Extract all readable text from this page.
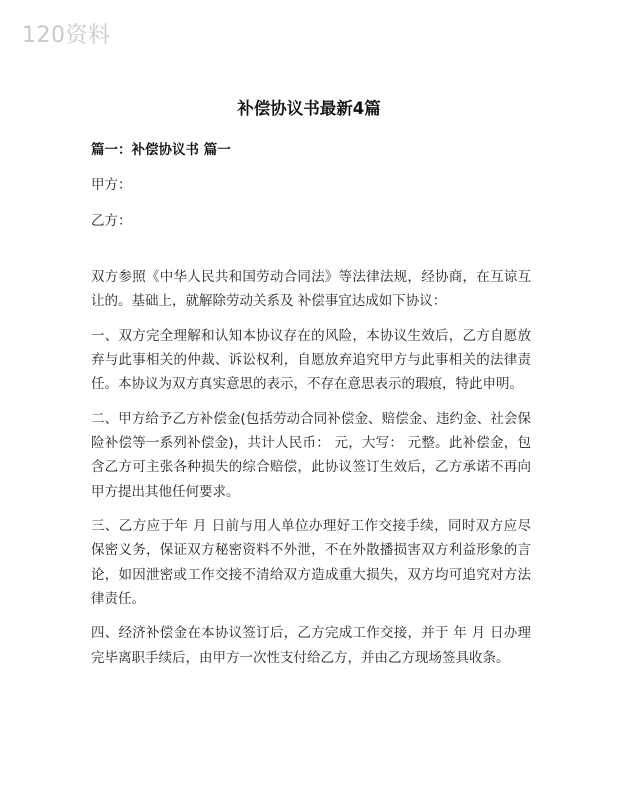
120资料
补偿协议书最新4篇
篇一：补偿协议书 篇一
甲方：
乙方：

双方参照《中华人民共和国劳动合同法》等法律法规，经协商，在互谅互让的。基础上，就解除劳动关系及 补偿事宜达成如下协议：

一、双方完全理解和认知本协议存在的风险，本协议生效后，乙方自愿放弃与此事相关的仲裁、诉讼权利，自愿放弃追究甲方与此事相关的法律责任。本协议为双方真实意思的表示，不存在意思表示的瑕痕，特此申明。

二、甲方给予乙方补偿金(包括劳动合同补偿金、赔偿金、违约金、社会保险补偿等一系列补偿金)，共计人民币： 元，大写： 元整。此补偿金，包含乙方可主张各种损失的综合赔偿，此协议签订生效后，乙方承诺不再向甲方提出其他任何要求。

三、乙方应于年 月 日前与用人单位办理好工作交接手续，同时双方应尽保密义务，保证双方秘密资料不外泄，不在外散播损害双方利益形象的言论，如因泄密或工作交接不清给双方造成重大损失，双方均可追究对方法律责任。

四、经济补偿金在本协议签订后，乙方完成工作交接，并于 年 月 日办理完毕离职手续后，由甲方一次性支付给乙方，并由乙方现场签具收条。
